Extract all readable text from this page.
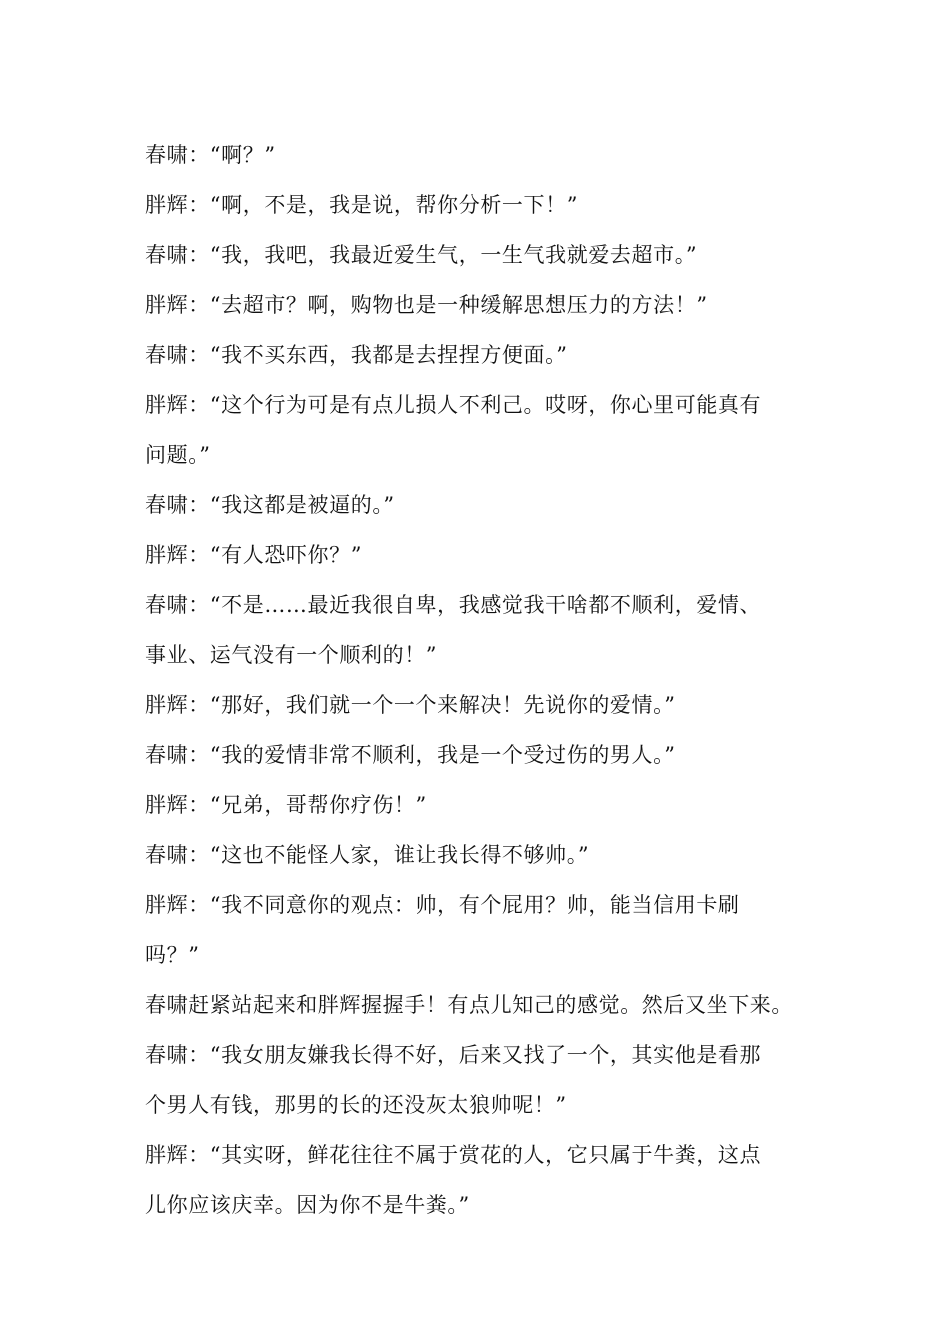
春啸：“啊？”

胖辉：“啊，不是，我是说，帮你分析一下！”

春啸：“我，我吧，我最近爱生气，一生气我就爱去超市。”

胖辉：“去超市？啊，购物也是一种缓解思想压力的方法！”

春啸：“我不买东西，我都是去捏捏方便面。”

胖辉：“这个行为可是有点儿损人不利己。哎呀，你心里可能真有

问题。”

春啸：“我这都是被逼的。”

胖辉：“有人恐吓你？”

春啸：“不是……最近我很自卑，我感觉我干啥都不顺利，爱情、

事业、运气没有一个顺利的！”

胖辉：“那好，我们就一个一个来解决！先说你的爱情。”

春啸：“我的爱情非常不顺利，我是一个受过伤的男人。”

胖辉：“兄弟，哥帮你疗伤！”

春啸：“这也不能怪人家，谁让我长得不够帅。”

胖辉：“我不同意你的观点：帅，有个屁用？帅，能当信用卡刷

吗？”

春啸赶紧站起来和胖辉握握手！有点儿知己的感觉。然后又坐下来。

春啸：“我女朋友嫌我长得不好，后来又找了一个，其实他是看那

个男人有钱，那男的长的还没灰太狼帅呢！”

胖辉：“其实呀，鲜花往往不属于赏花的人，它只属于牛粪，这点

儿你应该庆幸。因为你不是牛粪。”
